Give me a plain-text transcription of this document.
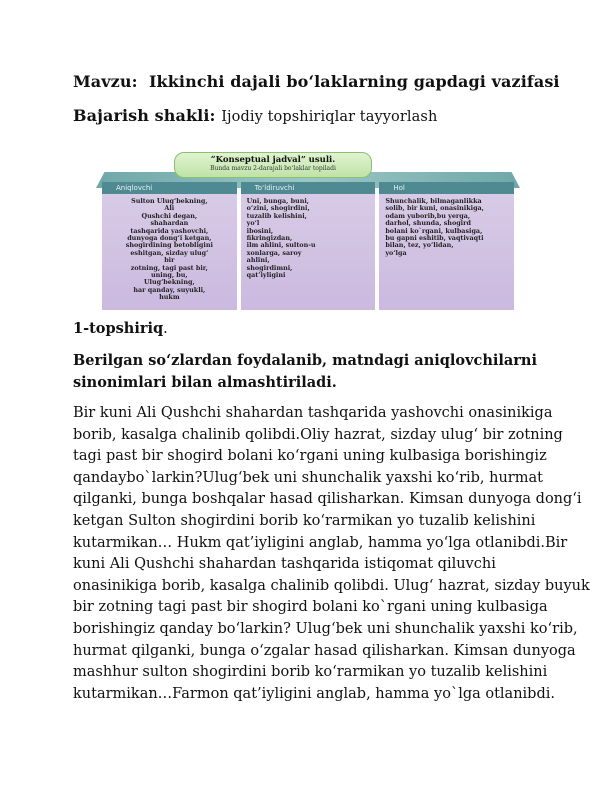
Mavzu: Ikkinchi dajali bo‘laklarning gapdagi vazifasi
Bajarish shakli: Ijodiy topshiriqlar tayyorlash
“Konseptual jadval” usuli.
Bunda mavzu 2-darajali bo‘laklar topiladi
Aniqlovchi
Sulton Ulug‘bekning,
Ali
Qushchi degan,
shahardan
tashqarida yashovchi,
dunyoga dong‘i ketgan,
shogirdining betobligini
eshitgan, sizday ulug‘
bir
zotning, tagi past bir,
uning, bu,
Ulug‘bekning,
har qanday, suyukli,
hukm
To‘ldiruvchi
Uni, bunga, buni,
o‘zini, shogirdini,
tuzalib kelishini,
yo‘l
ibosini,
fikringizdan,
ilm ahlini, sulton-u
xonlarga, saroy
ahlini,
shogirdimni,
qat’iyligini
Hol
Shunchalik, bilmaganlikka
solib, bir kuni, onasinikiga,
odam yuborib,bu yerga,
darhol, shunda, shogird
bolani ko`rgani, kulbasiga,
bu gapni eshitib, vaqtivaqti
bilan, tez, yo‘lidan,
yo‘lga
1-topshiriq.
Berilgan so‘zlardan foydalanib, matndagi aniqlovchilarni sinonimlari bilan almashtiriladi.
Bir kuni Ali Qushchi shahardan tashqarida yashovchi onasinikiga
borib, kasalga chalinib qolibdi.Oliy hazrat, sizday ulug‘ bir zotning
tagi past bir shogird bolani ko‘rgani uning kulbasiga borishingiz
qandaybo`larkin?Ulug‘bek uni shunchalik yaxshi ko‘rib, hurmat
qilganki, bunga boshqalar hasad qilisharkan. Kimsan dunyoga dong‘i
ketgan Sulton shogirdini borib ko‘rarmikan yo tuzalib kelishini
kutarmikan… Hukm qat’iyligini anglab, hamma yo‘lga otlanibdi.Bir
kuni Ali Qushchi shahardan tashqarida istiqomat qiluvchi
onasinikiga borib, kasalga chalinib qolibdi. Ulug‘ hazrat, sizday buyuk
bir zotning tagi past bir shogird bolani ko`rgani uning kulbasiga
borishingiz qanday bo‘larkin? Ulug‘bek uni shunchalik yaxshi ko‘rib,
hurmat qilganki, bunga o‘zgalar hasad qilisharkan. Kimsan dunyoga
mashhur sulton shogirdini borib ko‘rarmikan yo tuzalib kelishini
kutarmikan…Farmon qat’iyligini anglab, hamma yo`lga otlanibdi.
